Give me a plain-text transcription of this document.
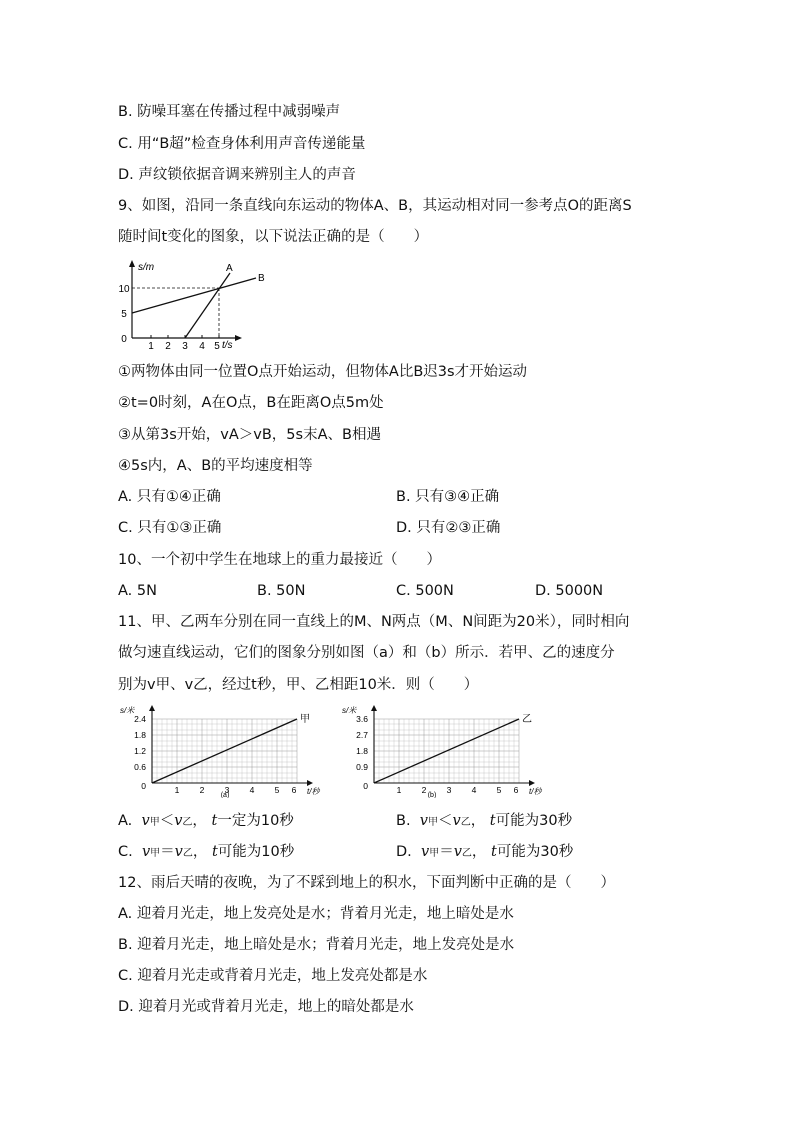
B. 防噪耳塞在传播过程中减弱噪声
C. 用“B超”检查身体利用声音传递能量
D. 声纹锁依据音调来辨别主人的声音
9、如图，沿同一条直线向东运动的物体A、B，其运动相对同一参考点O的距离S
随时间t变化的图象，以下说法正确的是（　　）
s/m
t/s
A
B
5
10
0
1 2 3 4 5
①两物体由同一位置O点开始运动，但物体A比B迟3s才开始运动
②t=0时刻，A在O点，B在距离O点5m处
③从第3s开始，vA＞vB，5s末A、B相遇
④5s内，A、B的平均速度相等
A. 只有①④正确	B. 只有③④正确
C. 只有①③正确	D. 只有②③正确
10、一个初中学生在地球上的重力最接近（　　）
A. 5N	B. 50N	C. 500N	D. 5000N
11、甲、乙两车分别在同一直线上的M、N两点（M、N间距为20米），同时相向
做匀速直线运动，它们的图象分别如图（a）和（b）所示．若甲、乙的速度分
别为v甲、v乙，经过t秒，甲、乙相距10米．则（　　）
s/米
甲
t/秒
2.4
1.8
1.2
0.6
0	1 2 3 4 5 6
(a)
s/米
乙
t/秒
3.6
2.7
1.8
0.9
0	1 2 3 4 5 6
(b)
A. v甲＜v乙， t一定为10秒	B. v甲＜v乙， t可能为30秒
C. v甲＝v乙， t可能为10秒	D. v甲＝v乙， t可能为30秒
12、雨后天晴的夜晚，为了不踩到地上的积水，下面判断中正确的是（　　）
A. 迎着月光走，地上发亮处是水；背着月光走，地上暗处是水
B. 迎着月光走，地上暗处是水；背着月光走，地上发亮处是水
C. 迎着月光走或背着月光走，地上发亮处都是水
D. 迎着月光或背着月光走，地上的暗处都是水
